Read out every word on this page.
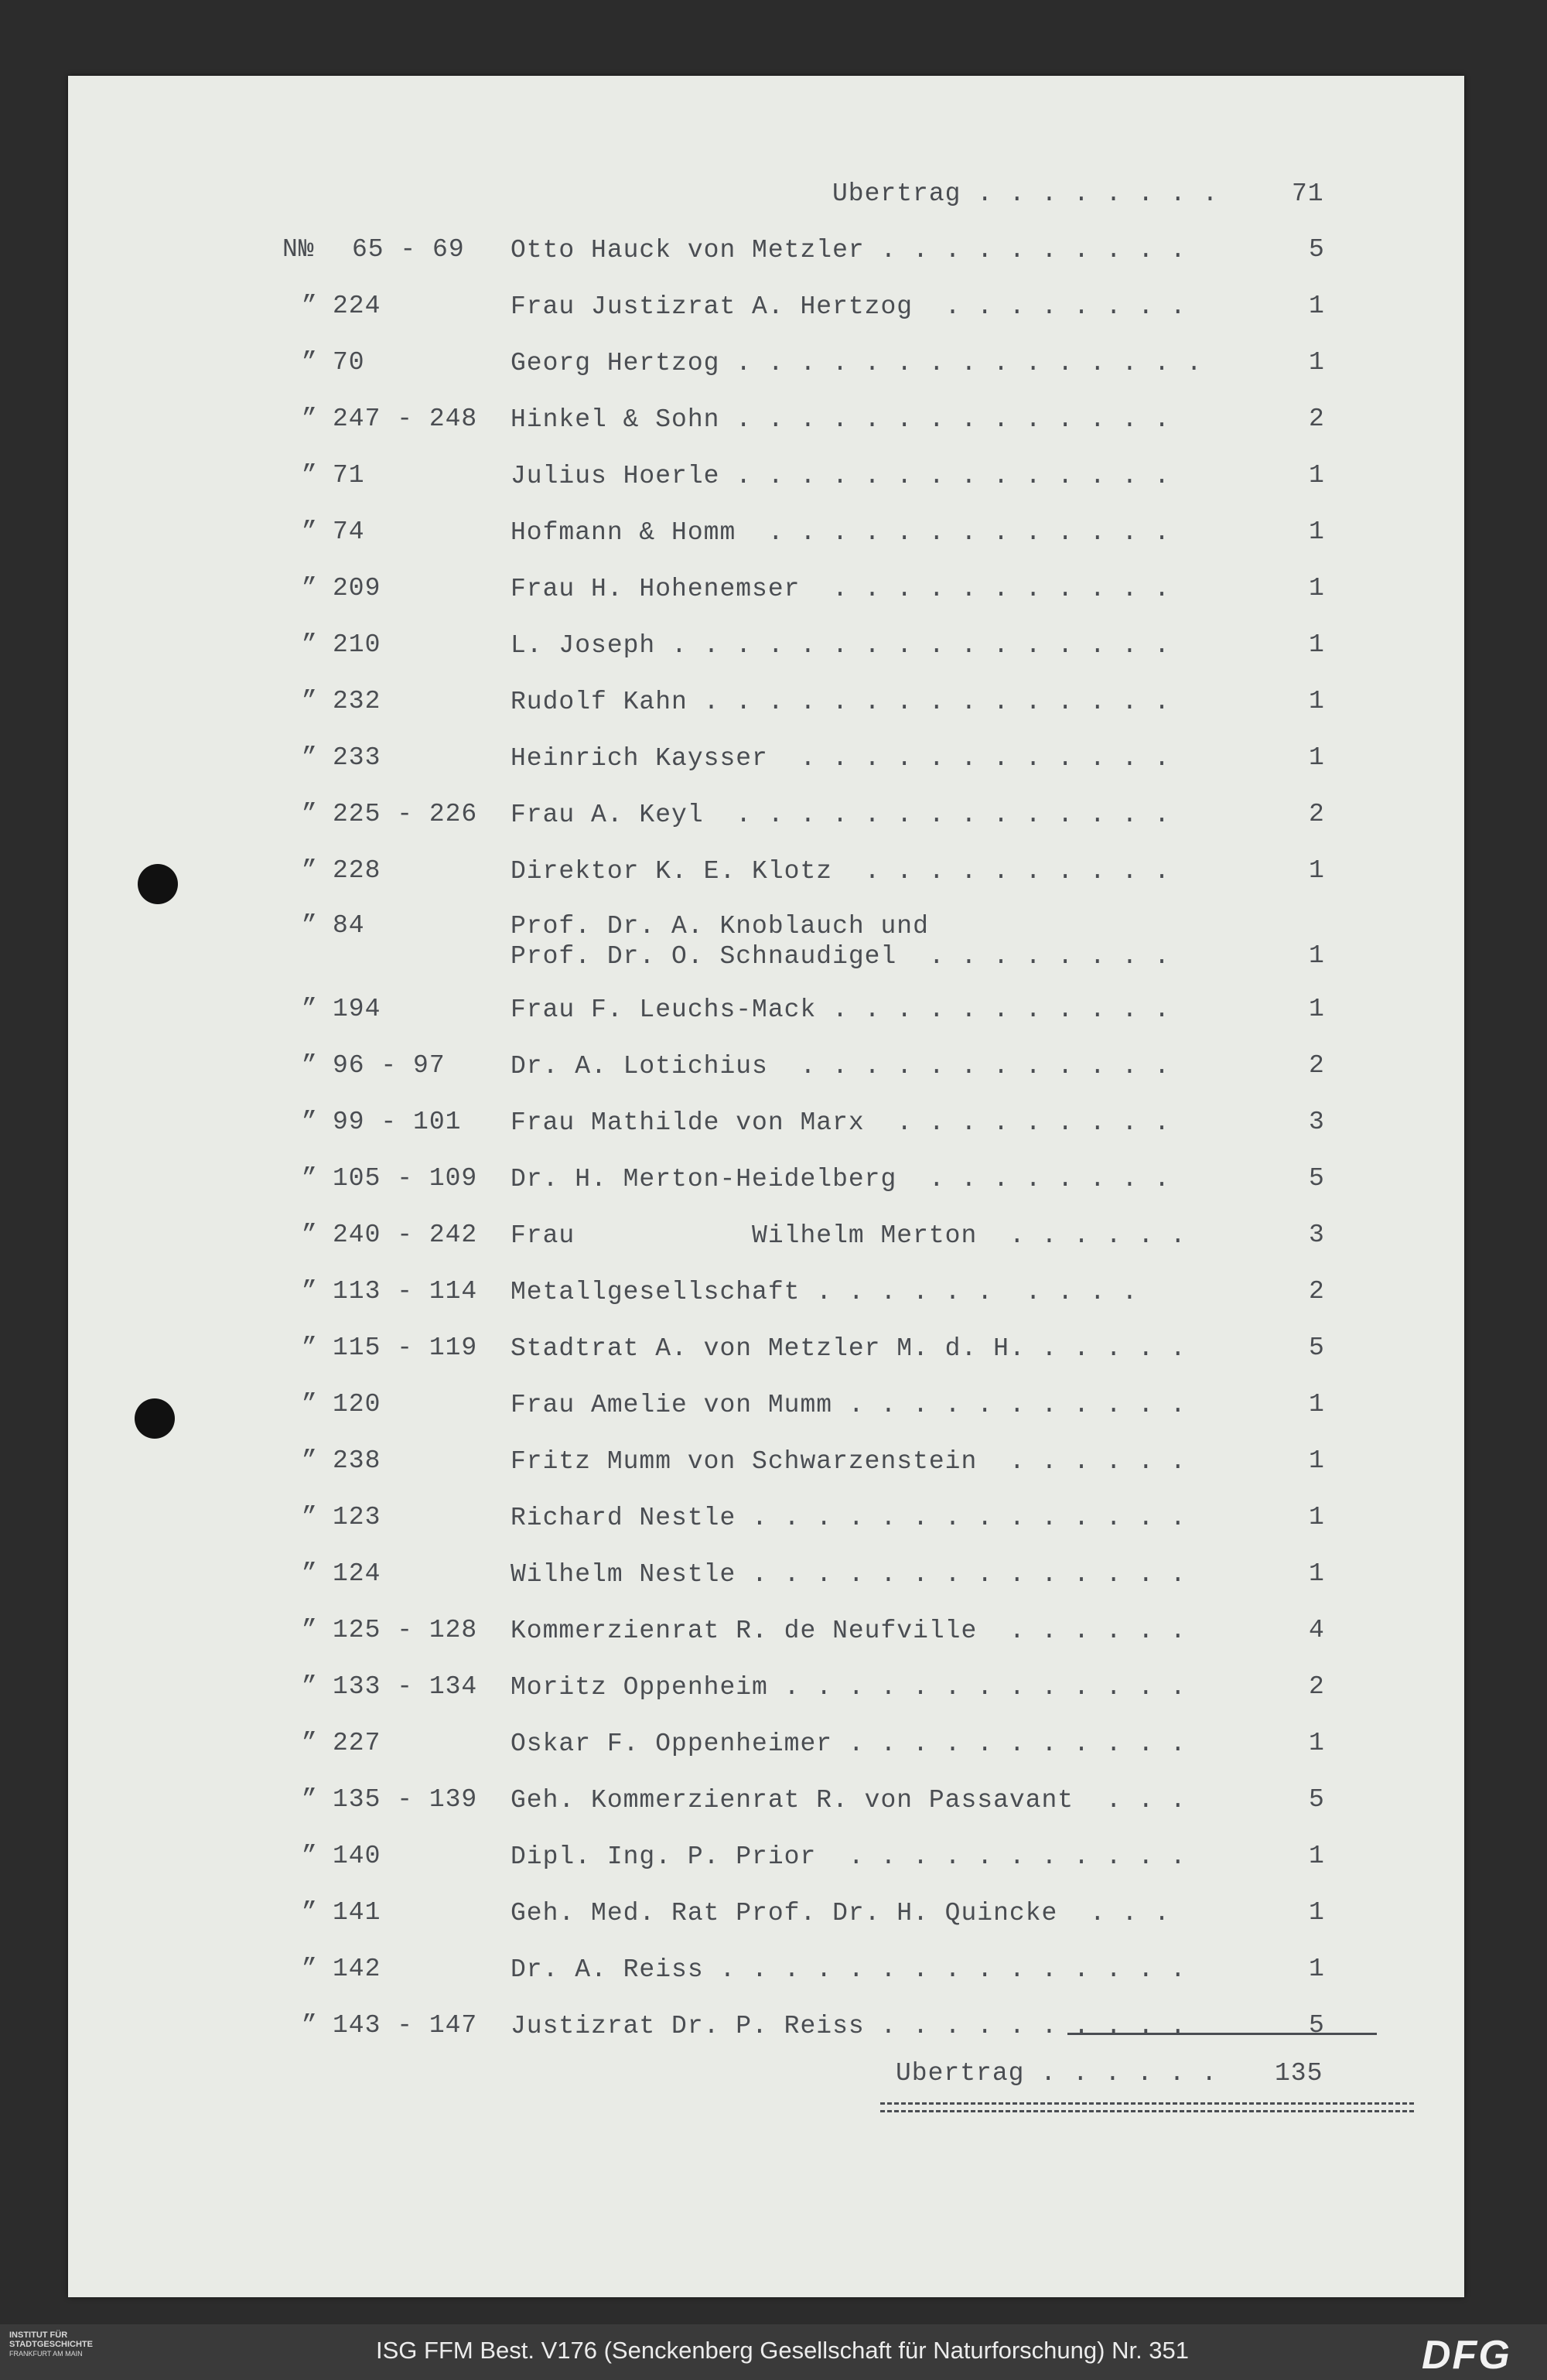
Ubertrag . . . . . . . .	71
N№ 65 - 69 Otto Hauck von Metzler . . . . . . . . . .	5
” 224	Frau Justizrat A. Hertzog  . . . . . . . .	1
” 70	Georg Hertzog . . . . . . . . . . . . . . .	1
” 247 - 248 Hinkel & Sohn . . . . . . . . . . . . . .	2
” 71	Julius Hoerle . . . . . . . . . . . . . .	1
” 74	Hofmann & Homm  . . . . . . . . . . . . .	1
” 209	Frau H. Hohenemser  . . . . . . . . . . .	1
” 210	L. Joseph . . . . . . . . . . . . . . . .	1
” 232	Rudolf Kahn . . . . . . . . . . . . . . .	1
” 233	Heinrich Kaysser  . . . . . . . . . . . .	1
” 225 - 226 Frau A. Keyl  . . . . . . . . . . . . . .	2
” 228	Direktor K. E. Klotz  . . . . . . . . . .	1
” 84	Prof. Dr. A. Knoblauch und
Prof. Dr. O. Schnaudigel  . . . . . . . .	1
” 194	Frau F. Leuchs-Mack . . . . . . . . . . .	1
” 96 - 97	Dr. A. Lotichius  . . . . . . . . . . . .	2
” 99 - 101 Frau Mathilde von Marx  . . . . . . . . .	3
” 105 - 109 Dr. H. Merton-Heidelberg  . . . . . . . .	5
” 240 - 242 Frau           Wilhelm Merton  . . . . . .	3
” 113 - 114 Metallgesellschaft . . . . . .  . . . .	2
” 115 - 119 Stadtrat A. von Metzler M. d. H. . . . . .	5
” 120	Frau Amelie von Mumm . . . . . . . . . . .	1
” 238	Fritz Mumm von Schwarzenstein  . . . . . .	1
” 123	Richard Nestle . . . . . . . . . . . . . .	1
” 124	Wilhelm Nestle . . . . . . . . . . . . . .	1
” 125 - 128 Kommerzienrat R. de Neufville  . . . . . .	4
” 133 - 134 Moritz Oppenheim . . . . . . . . . . . . .	2
” 227	Oskar F. Oppenheimer . . . . . . . . . . .	1
” 135 - 139 Geh. Kommerzienrat R. von Passavant  . . .	5
” 140	Dipl. Ing. P. Prior  . . . . . . . . . . .	1
” 141	Geh. Med. Rat Prof. Dr. H. Quincke  . . .	1
” 142	Dr. A. Reiss . . . . . . . . . . . . . . .	1
” 143 - 147 Justizrat Dr. P. Reiss . . . . . . . . . .	5
Ubertrag . . . . . . 135
INSTITUT FÜR
STADTGESCHICHTE
FRANKFURT AM MAIN	ISG FFM Best. V176 (Senckenberg Gesellschaft für Naturforschung) Nr. 351	DFG
